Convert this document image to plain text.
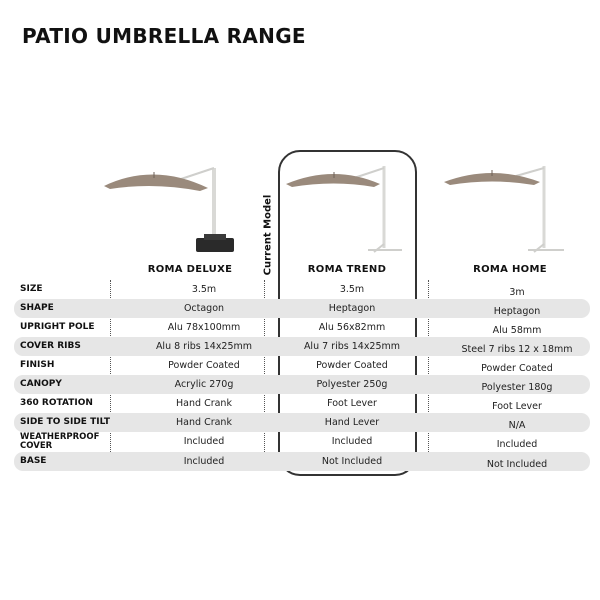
PATIO UMBRELLA RANGE
Current Model
ROMA DELUXE	ROMA TREND	ROMA HOME
SIZE	3.5m	3.5m	3m
SHAPE	Octagon	Heptagon	Heptagon
UPRIGHT POLE	Alu 78x100mm	Alu 56x82mm	Alu 58mm
COVER RIBS	Alu 8 ribs 14x25mm	Alu 7 ribs 14x25mm	Steel 7 ribs 12 x 18mm
FINISH	Powder Coated	Powder Coated	Powder Coated
CANOPY	Acrylic 270g	Polyester 250g	Polyester 180g
360 ROTATION	Hand Crank	Foot Lever	Foot Lever
SIDE TO SIDE TILT	Hand Crank	Hand Lever	N/A
WEATHERPROOF COVER	Included	Included	Included
BASE	Included	Not Included	Not Included
